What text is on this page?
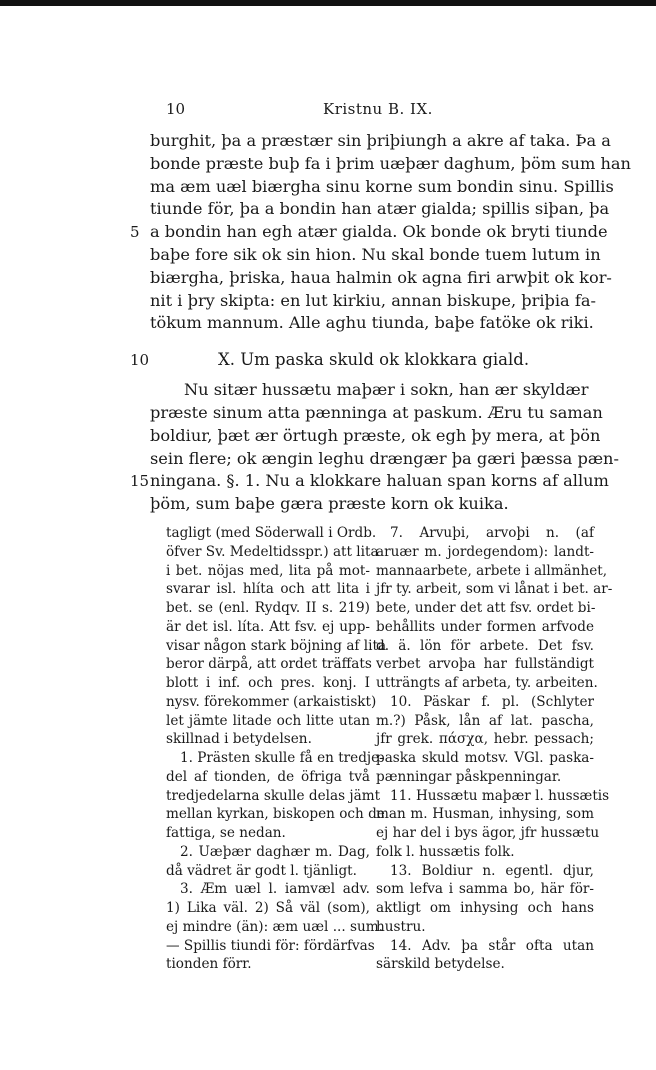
10	Kristnu B. IX.
burghit, þa a præstær sin þriþiungh a akre af taka. Þa a
bonde præste buþ fa i þrim uæþær daghum, þöm sum han
ma æm uæl biærgha sinu korne sum bondin sinu. Spillis
tiunde för, þa a bondin han atær gialda; spillis siþan, þa
5 a bondin han egh atær gialda. Ok bonde ok bryti tiunde
baþe fore sik ok sin hion. Nu skal bonde tuem lutum in
biærgha, þriska, haua halmin ok agna firi arwþit ok kor-
nit i þry skipta: en lut kirkiu, annan biskupe, þriþia fa-
tökum mannum. Alle aghu tiunda, baþe fatöke ok riki.
10	X. Um paska skuld ok klokkara giald.
Nu sitær hussætu maþær i sokn, han ær skyldær
præste sinum atta pænninga at paskum. Æru tu saman
boldiur, þæt ær örtugh præste, ok egh þy mera, at þön
sein flere; ok ængin leghu drængær þa gæri þæssa pæn-
15 ningana. §. 1. Nu a klokkare haluan span korns af allum
þöm, sum baþe gæra præste korn ok kuika.
tagligt (med Söderwall i Ordb.
öfver Sv. Medeltidsspr.) att lita
i bet. nöjas med, lita på mot-
svarar isl. hlíta och att lita i
bet. se (enl. Rydqv. II s. 219)
är det isl. líta. Att fsv. ej upp-
visar någon stark böjning af lita
beror därpå, att ordet träffats
blott i inf. och pres. konj. I
nysv. förekommer (arkaistiskt)
let jämte litade och litte utan
skillnad i betydelsen.
1. Prästen skulle få en tredje-
del af tionden, de öfriga två
tredjedelarna skulle delas jämt
mellan kyrkan, biskopen och de
fattiga, se nedan.
2. Uæþær daghær m. Dag,
då vädret är godt l. tjänligt.
3. Æm uæl l. iamvæl adv.
1) Lika väl. 2) Så väl (som),
ej mindre (än): æm uæl ... sum.
— Spillis tiundi för: fördärfvas
tionden förr.
7. Arvuþi, arvoþi n. (af
aruær m. jordegendom): landt-
mannaarbete, arbete i allmänhet,
jfr ty. arbeit, som vi lånat i bet. ar-
bete, under det att fsv. ordet bi-
behållits under formen arfvode
d. ä. lön för arbete. Det fsv.
verbet arvoþa har fullständigt
utträngts af arbeta, ty. arbeiten.
10. Päskar f. pl. (Schlyter
m.?) Påsk, lån af lat. pascha,
jfr grek. πάσχα, hebr. pessach;
paska skuld motsv. VGl. paska-
pænningar påskpenningar.
11. Hussætu maþær l. hussætis
man m. Husman, inhysing, som
ej har del i bys ägor, jfr hussætu
folk l. hussætis folk.
13. Boldiur n. egentl. djur,
som lefva i samma bo, här för-
aktligt om inhysing och hans
hustru.
14. Adv. þa står ofta utan
särskild betydelse.
